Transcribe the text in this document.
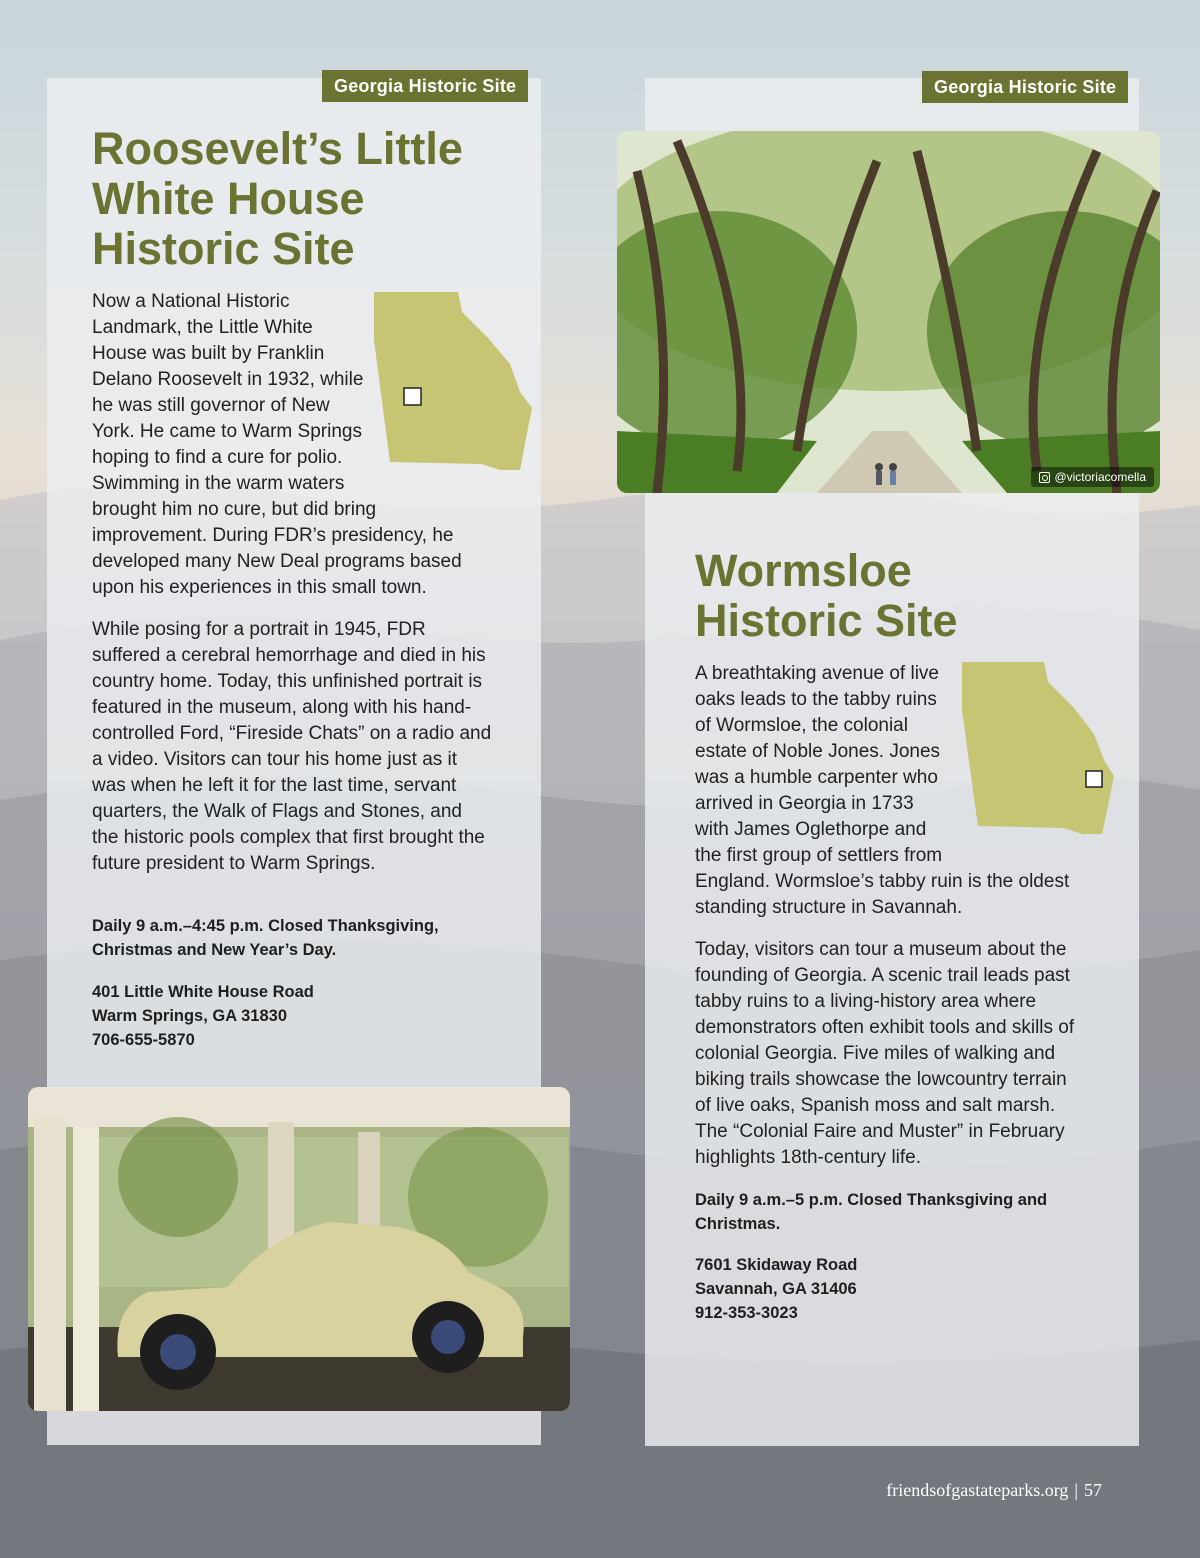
Georgia Historic Site
Roosevelt’s Little
White House
Historic Site

Now a National Historic Landmark, the Little White House was built by Franklin Delano Roosevelt in 1932, while he was still governor of New York. He came to Warm Springs hoping to find a cure for polio. Swimming in the warm waters brought him no cure, but did bring improvement. During FDR’s presidency, he developed many New Deal programs based upon his experiences in this small town.

While posing for a portrait in 1945, FDR suffered a cerebral hemorrhage and died in his country home. Today, this unfinished portrait is featured in the museum, along with his hand-controlled Ford, “Fireside Chats” on a radio and a video. Visitors can tour his home just as it was when he left it for the last time, servant quarters, the Walk of Flags and Stones, and the historic pools complex that first brought the future president to Warm Springs.

Daily 9 a.m.–4:45 p.m. Closed Thanksgiving,
Christmas and New Year’s Day.
401 Little White House Road
Warm Springs, GA 31830
706-655-5870
Georgia Historic Site
@victoriacomella
Wormsloe
Historic Site

A breathtaking avenue of live oaks leads to the tabby ruins of Wormsloe, the colonial estate of Noble Jones. Jones was a humble carpenter who arrived in Georgia in 1733 with James Oglethorpe and the first group of settlers from England. Wormsloe’s tabby ruin is the oldest standing structure in Savannah.

Today, visitors can tour a museum about the founding of Georgia. A scenic trail leads past tabby ruins to a living-history area where demonstrators often exhibit tools and skills of colonial Georgia. Five miles of walking and biking trails showcase the lowcountry terrain of live oaks, Spanish moss and salt marsh. The “Colonial Faire and Muster” in February highlights 18th-century life.

Daily 9 a.m.–5 p.m. Closed Thanksgiving and
Christmas.
7601 Skidaway Road
Savannah, GA 31406
912-353-3023
friendsofgastateparks.org | 57
